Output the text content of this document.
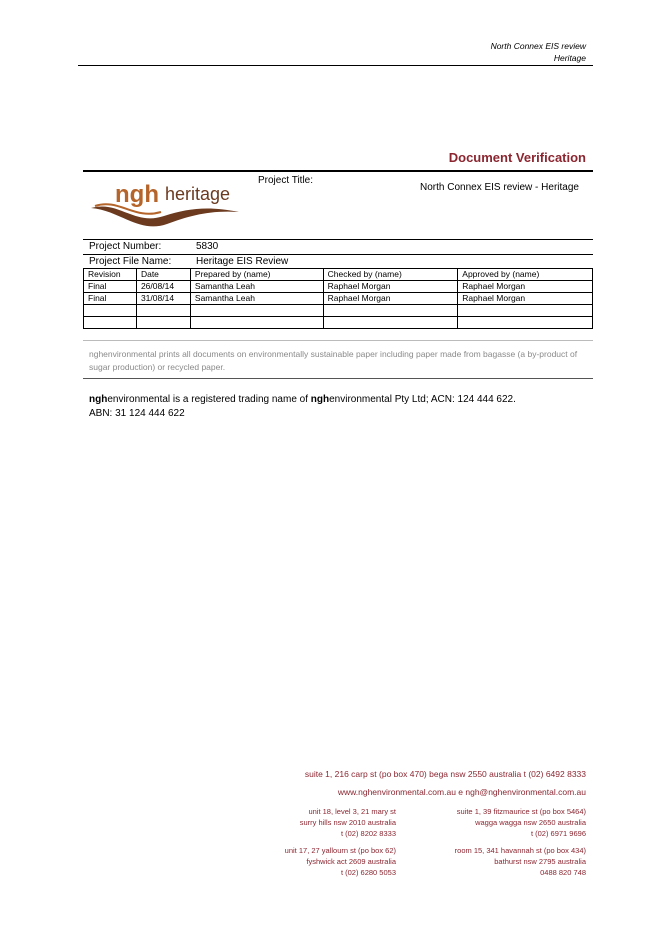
North Connex EIS review
Heritage
Document Verification
ngh heritage
Project Title:
North Connex EIS review - Heritage
Project Number:	5830
Project File Name: Heritage EIS Review
Revision	Date	Prepared by (name)	Checked by (name)	Approved by (name)
Final	26/08/14	Samantha Leah	Raphael Morgan	Raphael Morgan
Final	31/08/14	Samantha Leah	Raphael Morgan	Raphael Morgan

nghenvironmental prints all documents on environmentally sustainable paper including paper made from bagasse (a by-product of sugar production) or recycled paper.
nghenvironmental is a registered trading name of nghenvironmental Pty Ltd; ACN: 124 444 622.
ABN: 31 124 444 622
suite 1, 216 carp st (po box 470) bega nsw 2550 australia t (02) 6492 8333
www.nghenvironmental.com.au e ngh@nghenvironmental.com.au
unit 18, level 3, 21 mary st
surry hills nsw 2010 australia
t (02) 8202 8333
suite 1, 39 fitzmaurice st (po box 5464)
wagga wagga nsw 2650 australia
t (02) 6971 9696
unit 17, 27 yallourn st (po box 62)
fyshwick act 2609 australia
t (02) 6280 5053
room 15, 341 havannah st (po box 434)
bathurst nsw 2795 australia
0488 820 748
